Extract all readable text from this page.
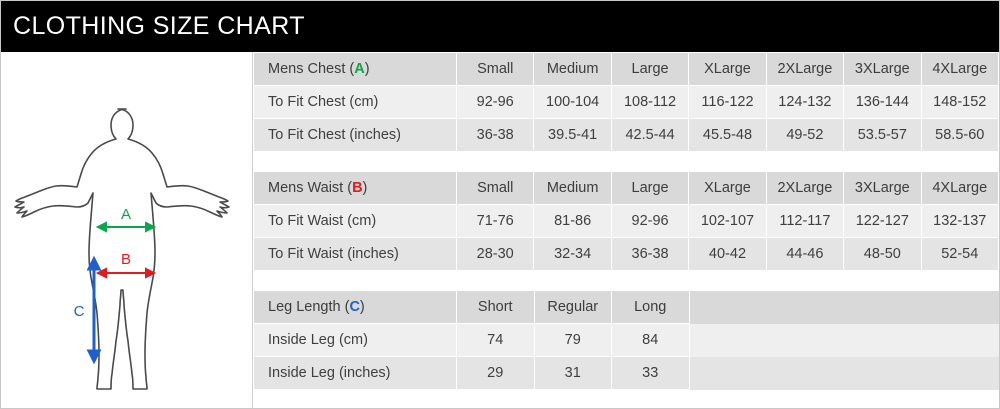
CLOTHING SIZE CHART
A
B
C
Mens Chest (A)	Small	Medium	Large	XLarge	2XLarge	3XLarge	4XLarge
To Fit Chest (cm)	92-96	100-104	108-112	116-122	124-132	136-144	148-152
To Fit Chest (inches)	36-38	39.5-41	42.5-44	45.5-48	49-52	53.5-57	58.5-60
Mens Waist (B)	Small	Medium	Large	XLarge	2XLarge	3XLarge	4XLarge
To Fit Waist (cm)	71-76	81-86	92-96	102-107	112-117	122-127	132-137
To Fit Waist (inches)	28-30	32-34	36-38	40-42	44-46	48-50	52-54
Leg Length (C)	Short	Regular	Long	
Inside Leg (cm)	74	79	84	
Inside Leg (inches)	29	31	33	
